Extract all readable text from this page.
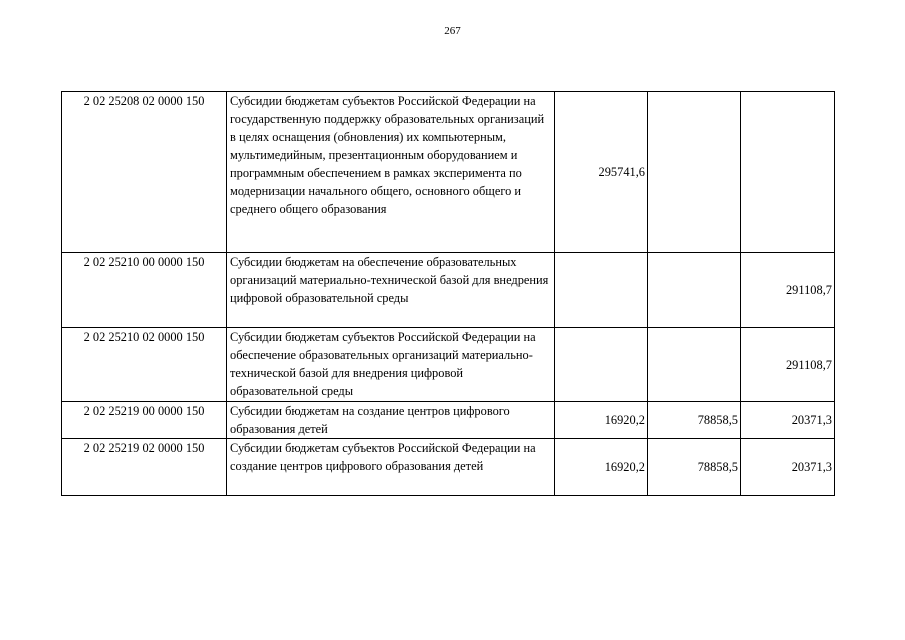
267
2 02 25208 02 0000 150	Субсидии бюджетам субъектов Российской Федерации на государственную поддержку образовательных организаций в целях оснащения (обновления) их компьютерным, мультимедийным, презентационным оборудованием и программным обеспечением в рамках эксперимента по модернизации начального общего, основного общего и среднего общего образования	295741,6		
2 02 25210 00 0000 150	Субсидии бюджетам на обеспечение образовательных организаций материально-технической базой для внедрения цифровой образовательной среды			291108,7
2 02 25210 02 0000 150	Субсидии бюджетам субъектов Российской Федерации на обеспечение образовательных организаций материально-технической базой для внедрения цифровой образовательной среды			291108,7
2 02 25219 00 0000 150	Субсидии бюджетам на создание центров цифрового образования детей	16920,2	78858,5	20371,3
2 02 25219 02 0000 150	Субсидии бюджетам субъектов Российской Федерации на создание центров цифрового образования детей	16920,2	78858,5	20371,3
